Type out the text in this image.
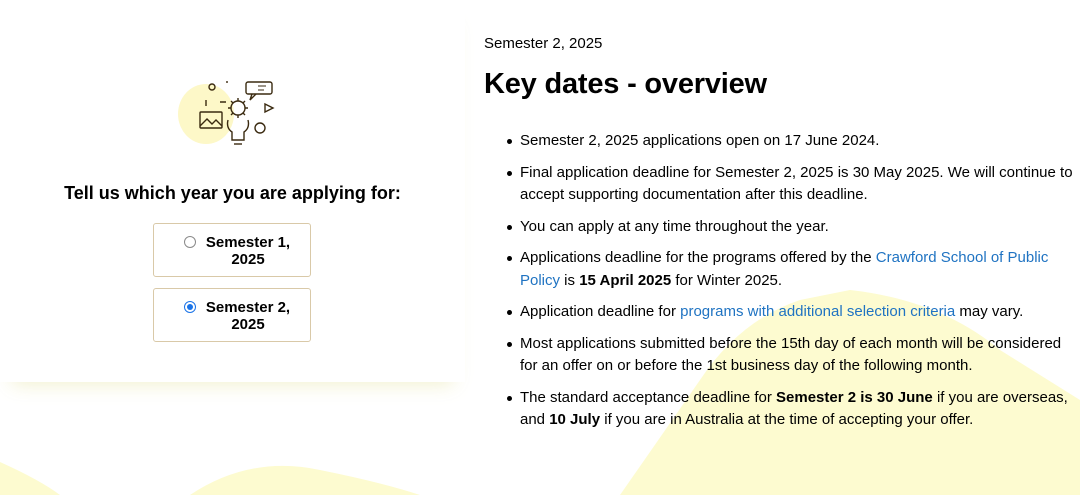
Tell us which year you are applying for:
Semester 1,
2025
Semester 2,
2025

Semester 2, 2025

Key dates - overview
Semester 2, 2025 applications open on 17 June 2024.
Final application deadline for Semester 2, 2025 is 30 May 2025. We will continue to accept supporting documentation after this deadline.
You can apply at any time throughout the year.
Applications deadline for the programs offered by the Crawford School of Public Policy is 15 April 2025 for Winter 2025.
Application deadline for programs with additional selection criteria may vary.
Most applications submitted before the 15th day of each month will be considered for an offer on or before the 1st business day of the following month.
The standard acceptance deadline for Semester 2 is 30 June if you are overseas, and 10 July if you are in Australia at the time of accepting your offer.
